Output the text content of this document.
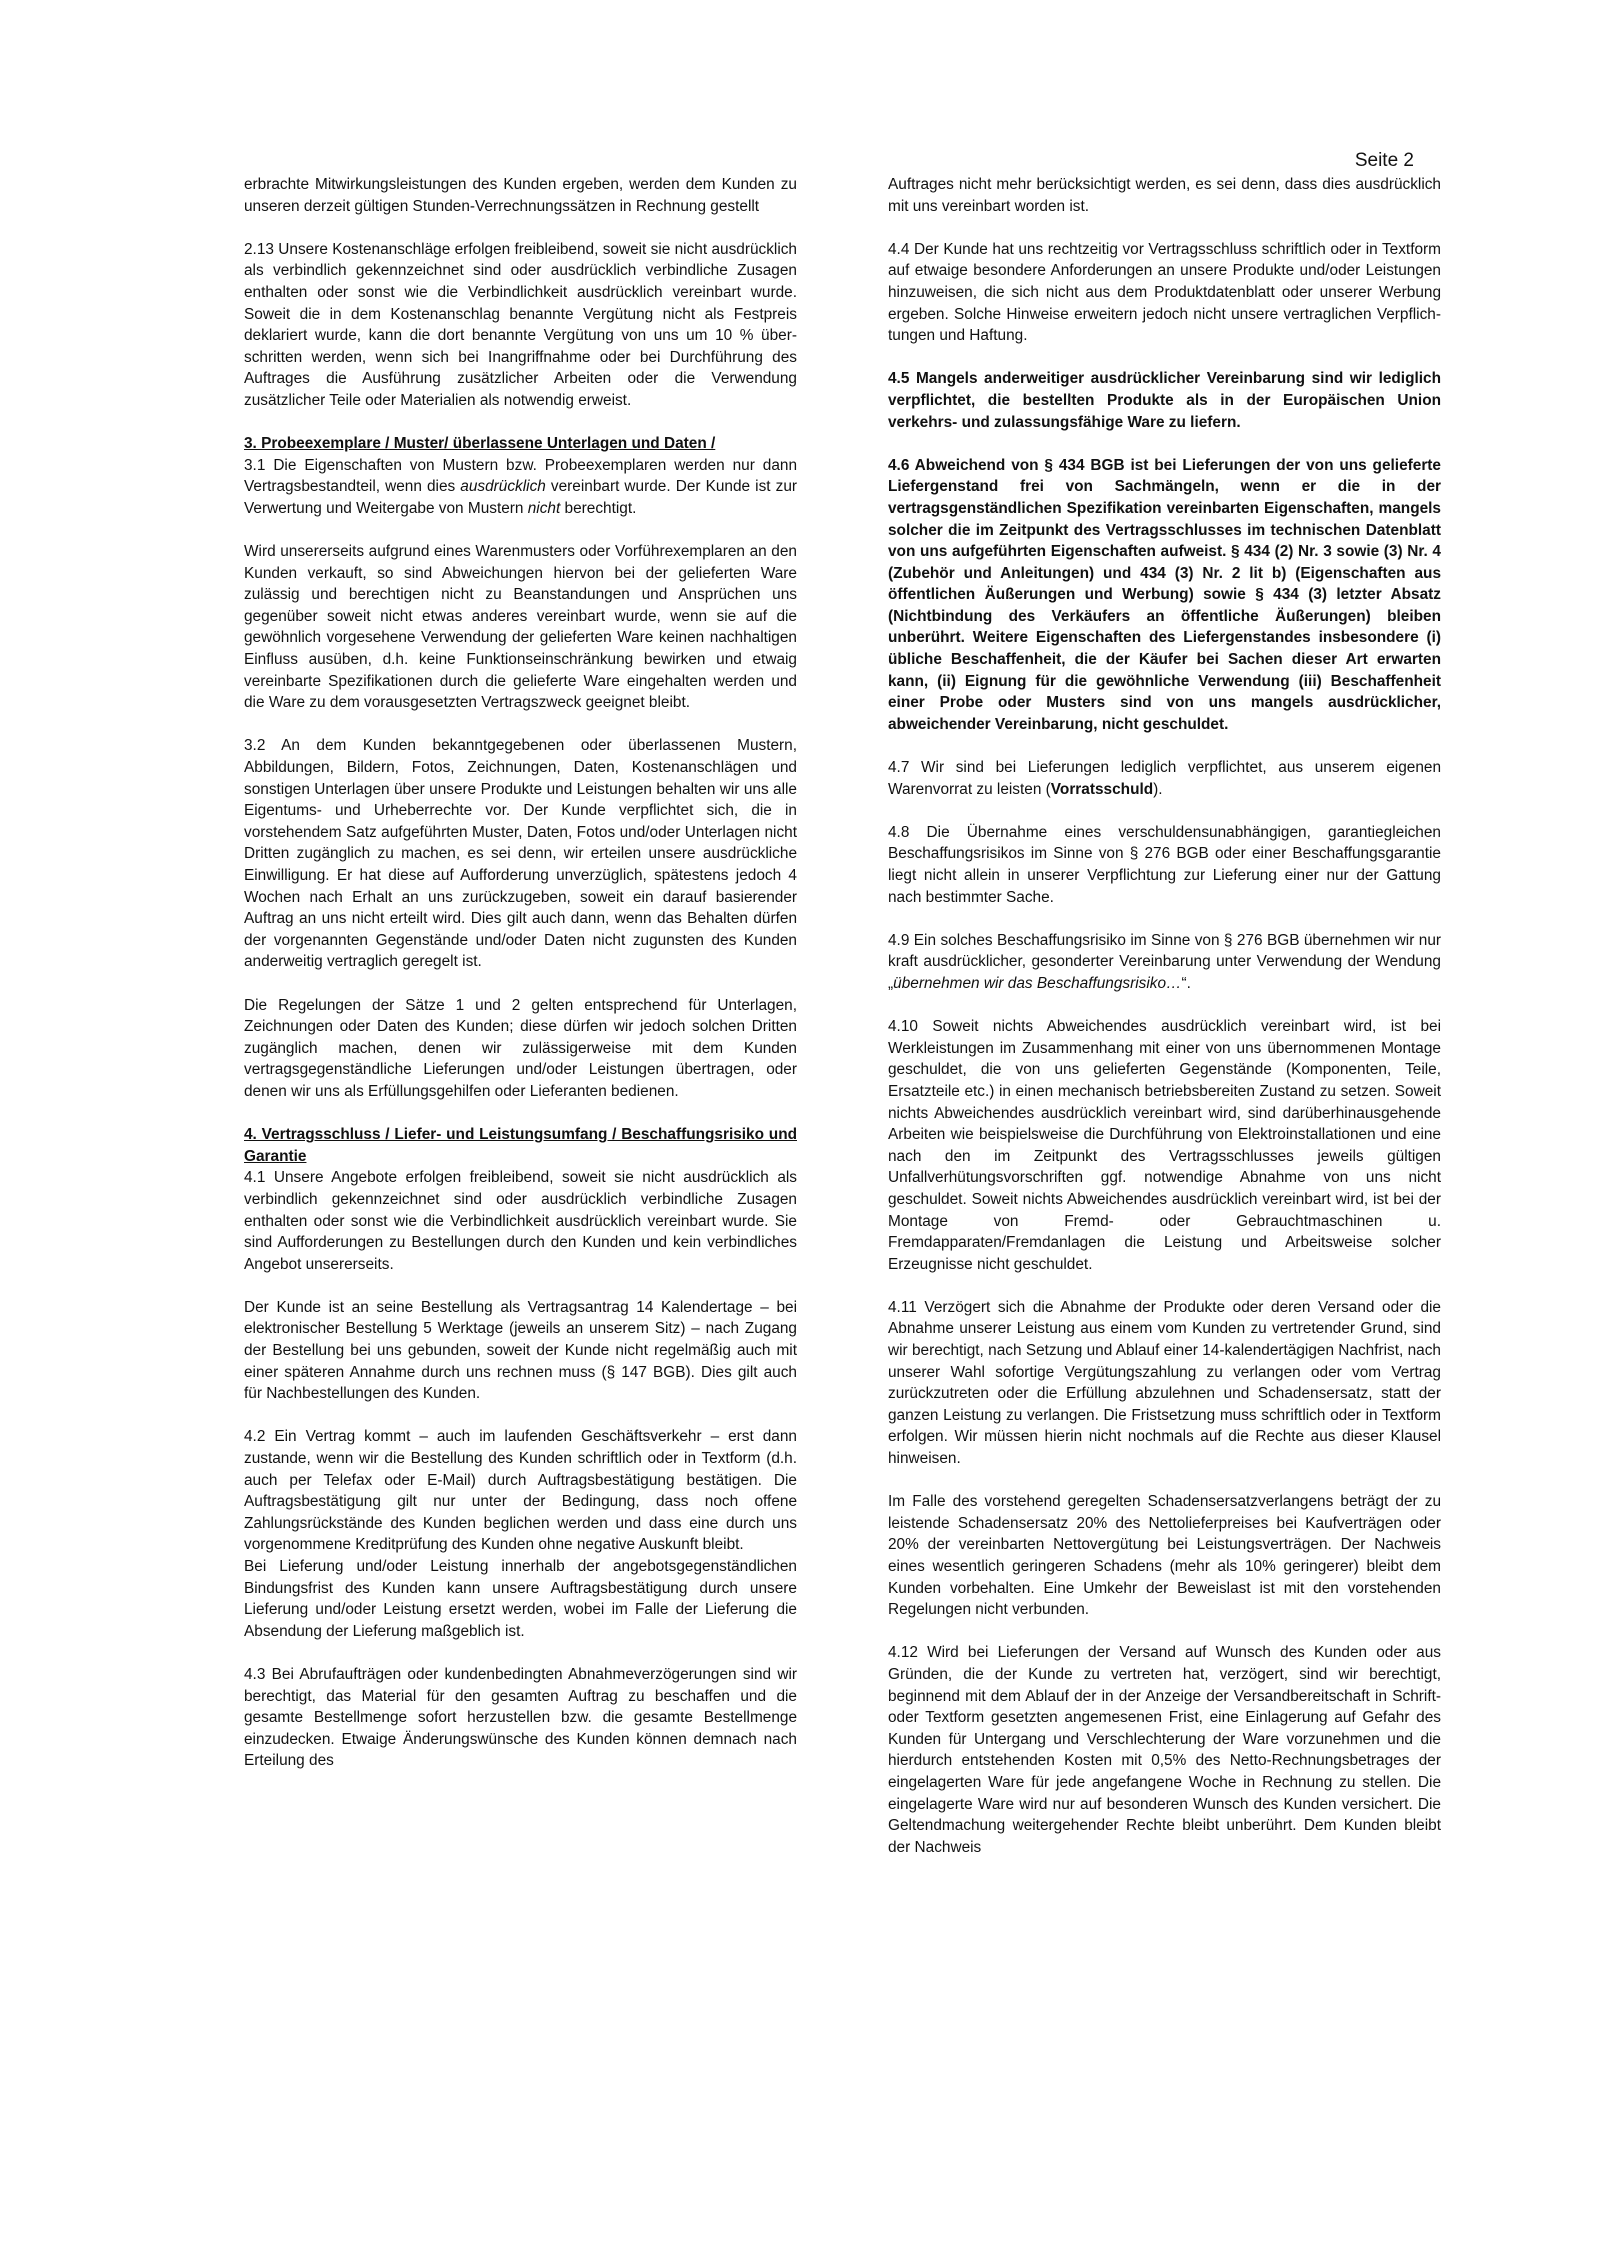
Seite 2

erbrachte Mitwirkungsleistungen des Kunden ergeben, werden dem Kunden zu unseren derzeit gültigen Stunden-Verrechnungssätzen in Rechnung gestellt

2.13 Unsere Kostenanschläge erfolgen freibleibend, soweit sie nicht ausdrücklich als verbindlich gekennzeichnet sind oder ausdrücklich verbindliche Zusagen enthalten oder sonst wie die Verbindlichkeit ausdrücklich vereinbart wurde. Soweit die in dem Kostenanschlag benannte Vergütung nicht als Festpreis deklariert wurde, kann die dort benannte Vergütung von uns um 10 % überschritten werden, wenn sich bei Inangriffnahme oder bei Durchführung des Auftrages die Ausführung zusätzlicher Arbeiten oder die Verwendung zusätzlicher Teile oder Materialien als notwendig erweist.

3. Probeexemplare / Muster/ überlassene Unterlagen und Daten /

3.1 Die Eigenschaften von Mustern bzw. Probeexemplaren werden nur dann Vertragsbestandteil, wenn dies ausdrücklich vereinbart wurde. Der Kunde ist zur Verwertung und Weitergabe von Mustern nicht berechtigt.

Wird unsererseits aufgrund eines Warenmusters oder Vorführexemplaren an den Kunden verkauft, so sind Abweichungen hiervon bei der gelieferten Ware zulässig und berechtigen nicht zu Beanstandungen und Ansprüchen uns gegenüber soweit nicht etwas anderes vereinbart wurde, wenn sie auf die gewöhnlich vorgesehene Verwendung der gelieferten Ware keinen nachhaltigen Einfluss ausüben, d.h. keine Funktionseinschränkung bewirken und etwaig vereinbarte Spezifikationen durch die gelieferte Ware eingehalten werden und die Ware zu dem vorausgesetzten Vertragszweck geeignet bleibt.

3.2 An dem Kunden bekanntgegebenen oder überlassenen Mustern, Abbildungen, Bildern, Fotos, Zeichnungen, Daten, Kostenanschlägen und sonstigen Unterlagen über unsere Produkte und Leistungen behalten wir uns alle Eigentums- und Urheberrechte vor. Der Kunde verpflichtet sich, die in vorstehendem Satz aufgeführten Muster, Daten, Fotos und/oder Unterlagen nicht Dritten zugänglich zu machen, es sei denn, wir erteilen unsere ausdrückliche Einwilligung. Er hat diese auf Aufforderung unverzüglich, spätestens jedoch 4 Wochen nach Erhalt an uns zurückzugeben, soweit ein darauf basierender Auftrag an uns nicht erteilt wird. Dies gilt auch dann, wenn das Behalten dürfen der vorgenannten Gegenstände und/oder Daten nicht zugunsten des Kunden anderweitig vertraglich geregelt ist.

Die Regelungen der Sätze 1 und 2 gelten entsprechend für Unterlagen, Zeichnungen oder Daten des Kunden; diese dürfen wir jedoch solchen Dritten zugänglich machen, denen wir zulässigerweise mit dem Kunden vertragsgegenständliche Lieferungen und/oder Leistungen übertragen, oder denen wir uns als Erfüllungsgehilfen oder Lieferanten bedienen.

4. Vertragsschluss / Liefer- und Leistungsumfang / Beschaffungsrisiko und Garantie

4.1 Unsere Angebote erfolgen freibleibend, soweit sie nicht ausdrücklich als verbindlich gekennzeichnet sind oder ausdrücklich verbindliche Zusagen enthalten oder sonst wie die Verbindlichkeit ausdrücklich vereinbart wurde. Sie sind Aufforderungen zu Bestellungen durch den Kunden und kein verbindliches Angebot unsererseits.

Der Kunde ist an seine Bestellung als Vertragsantrag 14 Kalendertage – bei elektronischer Bestellung 5 Werktage (jeweils an unserem Sitz) – nach Zugang der Bestellung bei uns gebunden, soweit der Kunde nicht regelmäßig auch mit einer späteren Annahme durch uns rechnen muss (§ 147 BGB). Dies gilt auch für Nachbestellungen des Kunden.

4.2 Ein Vertrag kommt – auch im laufenden Geschäftsverkehr – erst dann zustande, wenn wir die Bestellung des Kunden schriftlich oder in Textform (d.h. auch per Telefax oder E-Mail) durch Auftragsbestätigung bestätigen. Die Auftragsbestätigung gilt nur unter der Bedingung, dass noch offene Zahlungsrückstände des Kunden beglichen werden und dass eine durch uns vorgenommene Kreditprüfung des Kunden ohne negative Auskunft bleibt.

Bei Lieferung und/oder Leistung innerhalb der angebotsgegenständlichen Bindungsfrist des Kunden kann unsere Auftragsbestätigung durch unsere Lieferung und/oder Leistung ersetzt werden, wobei im Falle der Lieferung die Absendung der Lieferung maßgeblich ist.

4.3 Bei Abrufaufträgen oder kundenbedingten Abnahmeverzögerungen sind wir berechtigt, das Material für den gesamten Auftrag zu beschaffen und die gesamte Bestellmenge sofort herzustellen bzw. die gesamte Bestellmenge einzudecken. Etwaige Änderungswünsche des Kunden können demnach nach Erteilung des

Auftrages nicht mehr berücksichtigt werden, es sei denn, dass dies ausdrücklich mit uns vereinbart worden ist.

4.4 Der Kunde hat uns rechtzeitig vor Vertragsschluss schriftlich oder in Textform auf etwaige besondere Anforderungen an unsere Produkte und/oder Leistungen hinzuweisen, die sich nicht aus dem Produktdatenblatt oder unserer Werbung ergeben. Solche Hinweise erweitern jedoch nicht unsere vertraglichen Verpflichtungen und Haftung.

4.5 Mangels anderweitiger ausdrücklicher Vereinbarung sind wir lediglich verpflichtet, die bestellten Produkte als in der Europäischen Union verkehrs- und zulassungsfähige Ware zu liefern.

4.6 Abweichend von § 434 BGB ist bei Lieferungen der von uns gelieferte Liefergenstand frei von Sachmängeln, wenn er die in der vertragsgenständlichen Spezifikation vereinbarten Eigenschaften, mangels solcher die im Zeitpunkt des Vertragsschlusses im technischen Datenblatt von uns aufgeführten Eigenschaften aufweist. § 434 (2) Nr. 3 sowie (3) Nr. 4 (Zubehör und Anleitungen) und 434 (3) Nr. 2 lit b) (Eigenschaften aus öffentlichen Äußerungen und Werbung) sowie § 434 (3) letzter Absatz (Nichtbindung des Verkäufers an öffentliche Äußerungen) bleiben unberührt. Weitere Eigenschaften des Liefergenstandes insbesondere (i) übliche Beschaffenheit, die der Käufer bei Sachen dieser Art erwarten kann, (ii) Eignung für die gewöhnliche Verwendung (iii) Beschaffenheit einer Probe oder Musters sind von uns mangels ausdrücklicher, abweichender Vereinbarung, nicht geschuldet.

4.7 Wir sind bei Lieferungen lediglich verpflichtet, aus unserem eigenen Warenvorrat zu leisten (Vorratsschuld).

4.8 Die Übernahme eines verschuldensunabhängigen, garantiegleichen Beschaffungsrisikos im Sinne von § 276 BGB oder einer Beschaffungsgarantie liegt nicht allein in unserer Verpflichtung zur Lieferung einer nur der Gattung nach bestimmter Sache.

4.9 Ein solches Beschaffungsrisiko im Sinne von § 276 BGB übernehmen wir nur kraft ausdrücklicher, gesonderter Vereinbarung unter Verwendung der Wendung „übernehmen wir das Beschaffungsrisiko…“.

4.10 Soweit nichts Abweichendes ausdrücklich vereinbart wird, ist bei Werkleistungen im Zusammenhang mit einer von uns übernommenen Montage geschuldet, die von uns gelieferten Gegenstände (Komponenten, Teile, Ersatzteile etc.) in einen mechanisch betriebsbereiten Zustand zu setzen. Soweit nichts Abweichendes ausdrücklich vereinbart wird, sind darüberhinausgehende Arbeiten wie beispielsweise die Durchführung von Elektroinstallationen und eine nach den im Zeitpunkt des Vertragsschlusses jeweils gültigen Unfallverhütungsvorschriften ggf. notwendige Abnahme von uns nicht geschuldet. Soweit nichts Abweichendes ausdrücklich vereinbart wird, ist bei der Montage von Fremd- oder Gebrauchtmaschinen u. Fremdapparaten/Fremdanlagen die Leistung und Arbeitsweise solcher Erzeugnisse nicht geschuldet.

4.11 Verzögert sich die Abnahme der Produkte oder deren Versand oder die Abnahme unserer Leistung aus einem vom Kunden zu vertretender Grund, sind wir berechtigt, nach Setzung und Ablauf einer 14-kalendertägigen Nachfrist, nach unserer Wahl sofortige Vergütungszahlung zu verlangen oder vom Vertrag zurückzutreten oder die Erfüllung abzulehnen und Schadensersatz, statt der ganzen Leistung zu verlangen. Die Fristsetzung muss schriftlich oder in Textform erfolgen. Wir müssen hierin nicht nochmals auf die Rechte aus dieser Klausel hinweisen.

Im Falle des vorstehend geregelten Schadensersatzverlangens beträgt der zu leistende Schadensersatz 20% des Nettolieferpreises bei Kaufverträgen oder 20% der vereinbarten Nettovergütung bei Leistungsverträgen. Der Nachweis eines wesentlich geringeren Schadens (mehr als 10% geringerer) bleibt dem Kunden vorbehalten. Eine Umkehr der Beweislast ist mit den vorstehenden Regelungen nicht verbunden.

4.12 Wird bei Lieferungen der Versand auf Wunsch des Kunden oder aus Gründen, die der Kunde zu vertreten hat, verzögert, sind wir berechtigt, beginnend mit dem Ablauf der in der Anzeige der Versandbereitschaft in Schrift- oder Textform gesetzten angemesenen Frist, eine Einlagerung auf Gefahr des Kunden für Untergang und Verschlechterung der Ware vorzunehmen und die hierdurch entstehenden Kosten mit 0,5% des Netto-Rechnungsbetrages der eingelagerten Ware für jede angefangene Woche in Rechnung zu stellen. Die eingelagerte Ware wird nur auf besonderen Wunsch des Kunden versichert. Die Geltendmachung weitergehender Rechte bleibt unberührt. Dem Kunden bleibt der Nachweis
